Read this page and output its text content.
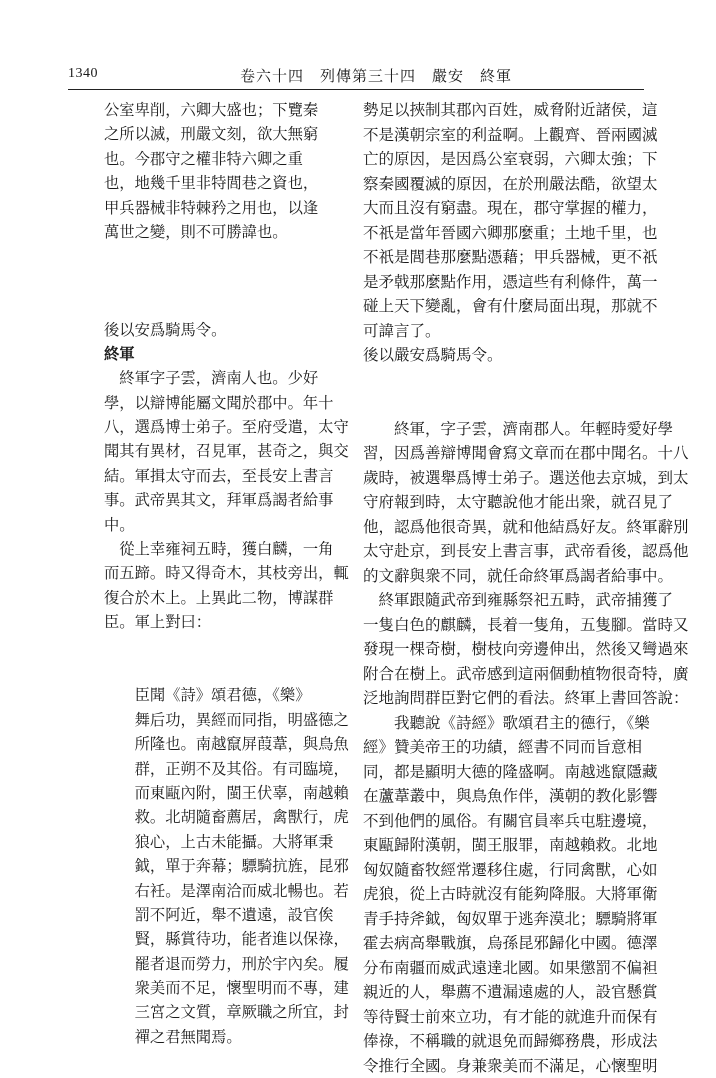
1340	卷六十四　列傳第三十四　嚴安　終軍
公室卑削，六卿大盛也；下覽秦
之所以滅，刑嚴文刻，欲大無窮
也。今郡守之權非特六卿之重
也，地幾千里非特閭巷之資也，
甲兵器械非特棘矜之用也，以逢
萬世之變，則不可勝諱也。
後以安爲騎馬令。
終軍
　終軍字子雲，濟南人也。少好
學，以辯博能屬文聞於郡中。年十
八，選爲博士弟子。至府受遣，太守
聞其有異材，召見軍，甚奇之，與交
結。軍揖太守而去，至長安上書言
事。武帝異其文，拜軍爲謁者給事
中。
　從上幸雍祠五畤，獲白麟，一角
而五蹄。時又得奇木，其枝旁出，輒
復合於木上。上異此二物，博謀群
臣。軍上對曰：
　　臣聞《詩》頌君德，《樂》
　　舞后功，異經而同指，明盛德之
　　所隆也。南越竄屏葭葦，與鳥魚
　　群，正朔不及其俗。有司臨境，
　　而東甌內附，閩王伏辜，南越賴
　　救。北胡隨畜薦居，禽獸行，虎
　　狼心，上古未能攝。大將軍秉
　　鉞，單于奔幕；驃騎抗旌，昆邪
　　右衽。是澤南洽而威北暢也。若
　　罰不阿近，舉不遺遠，設官俟
　　賢，縣賞待功，能者進以保祿，
　　罷者退而勞力，刑於宇內矣。履
　　衆美而不足，懷聖明而不專，建
　　三宮之文質，章厥職之所宜，封
　　禪之君無聞焉。
勢足以挾制其郡內百姓，威脅附近諸侯，這
不是漢朝宗室的利益啊。上觀齊、晉兩國滅
亡的原因，是因爲公室衰弱，六卿太強；下
察秦國覆滅的原因，在於刑嚴法酷，欲望太
大而且沒有窮盡。現在，郡守掌握的權力，
不祇是當年晉國六卿那麼重；土地千里，也
不祇是閭巷那麼點憑藉；甲兵器械，更不祇
是矛戟那麼點作用，憑這些有利條件，萬一
碰上天下變亂，會有什麼局面出現，那就不
可諱言了。
後以嚴安爲騎馬令。
　　終軍，字子雲，濟南郡人。年輕時愛好學
習，因爲善辯博聞會寫文章而在郡中聞名。十八
歲時，被選舉爲博士弟子。選送他去京城，到太
守府報到時，太守聽說他才能出衆，就召見了
他，認爲他很奇異，就和他結爲好友。終軍辭別
太守赴京，到長安上書言事，武帝看後，認爲他
的文辭與衆不同，就任命終軍爲謁者給事中。
　終軍跟隨武帝到雍縣祭祀五畤，武帝捕獲了
一隻白色的麒麟，長着一隻角，五隻腳。當時又
發現一棵奇樹，樹枝向旁邊伸出，然後又彎過來
附合在樹上。武帝感到這兩個動植物很奇特，廣
泛地詢問群臣對它們的看法。終軍上書回答說：
　　我聽說《詩經》歌頌君主的德行，《樂
經》贊美帝王的功績，經書不同而旨意相
同，都是顯明大德的隆盛啊。南越逃竄隱藏
在蘆葦叢中，與鳥魚作伴，漢朝的教化影響
不到他們的風俗。有關官員率兵屯駐邊境，
東甌歸附漢朝，閩王服罪，南越賴救。北地
匈奴隨畜牧經常遷移住處，行同禽獸，心如
虎狼，從上古時就沒有能夠降服。大將軍衛
青手持斧鉞，匈奴單于逃奔漠北；驃騎將軍
霍去病高舉戰旗，烏孫昆邪歸化中國。德澤
分布南疆而威武遠達北國。如果懲罰不偏袒
親近的人，舉薦不遺漏遠處的人，設官懸賞
等待賢士前來立功，有才能的就進升而保有
俸祿，不稱職的就退免而歸鄉務農，形成法
令推行全國。身兼衆美而不滿足，心懷聖明
